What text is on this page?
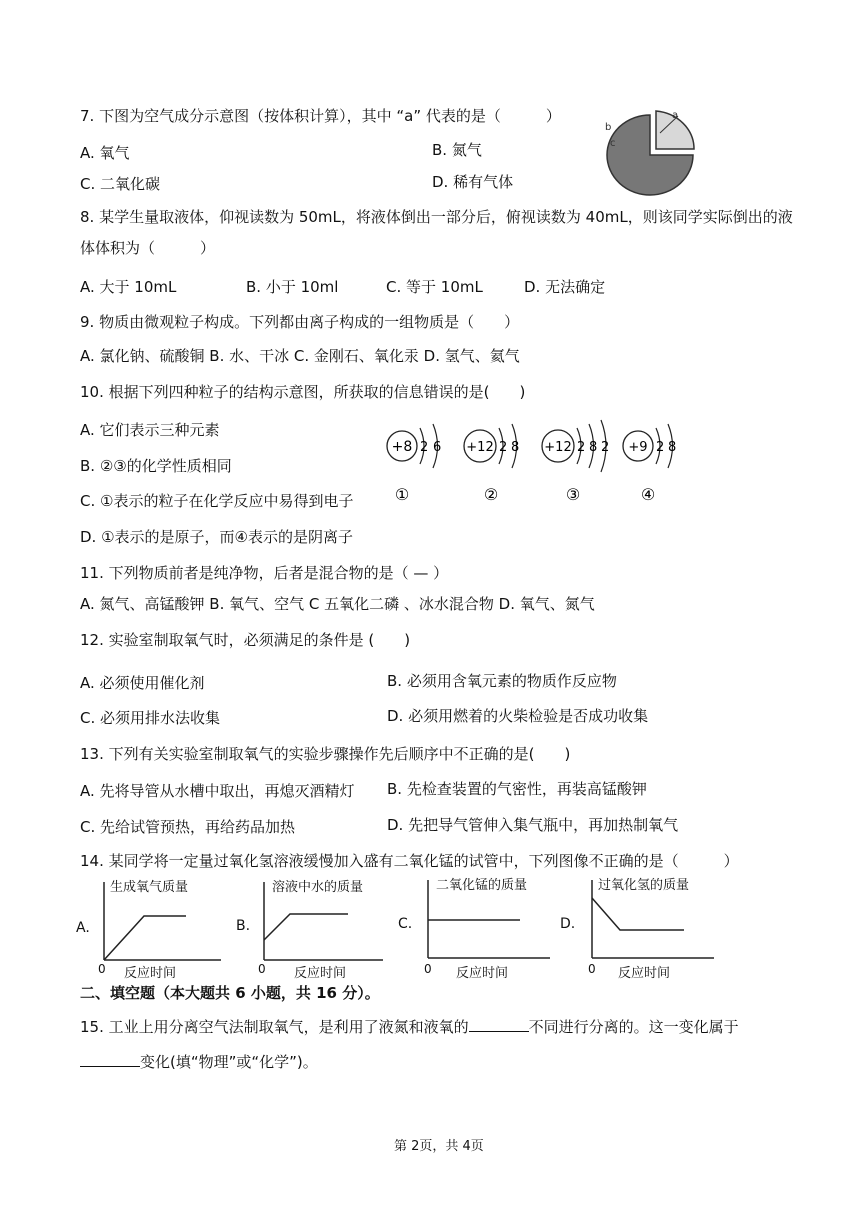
7. 下图为空气成分示意图（按体积计算），其中 “a” 代表的是（　　　）
A. 氧气	B. 氮气
C. 二氧化碳	D. 稀有气体
a
b
c
8. 某学生量取液体，仰视读数为 50mL，将液体倒出一部分后，俯视读数为 40mL，则该同学实际倒出的液
体体积为（　　　）
A. 大于 10mL	B. 小于 10ml	C. 等于 10mL	D. 无法确定
9. 物质由微观粒子构成。下列都由离子构成的一组物质是（　　）
A. 氯化钠、硫酸铜 B. 水、干冰 C. 金刚石、氧化汞 D. 氢气、氦气
10. 根据下列四种粒子的结构示意图，所获取的信息错误的是(　　)
A. 它们表示三种元素
B. ②③的化学性质相同
C. ①表示的粒子在化学反应中易得到电子
D. ①表示的是原子，而④表示的是阴离子
+8 2 6
①
+12 2 8
②
+12 2 8 2
③
+9 2 8
④
11. 下列物质前者是纯净物，后者是混合物的是（ — ）
A. 氮气、高锰酸钾 B. 氧气、空气 C 五氧化二磷 、冰水混合物 D. 氧气、氮气
12. 实验室制取氧气时，必须满足的条件是 (　　)
A. 必须使用催化剂	B. 必须用含氧元素的物质作反应物
C. 必须用排水法收集	D. 必须用燃着的火柴检验是否成功收集
13. 下列有关实验室制取氧气的实验步骤操作先后顺序中不正确的是(　　)
A. 先将导管从水槽中取出，再熄灭酒精灯 B. 先检查装置的气密性，再装高锰酸钾
C. 先给试管预热，再给药品加热	D. 先把导气管伸入集气瓶中，再加热制氧气
14. 某同学将一定量过氧化氢溶液缓慢加入盛有二氧化锰的试管中，下列图像不正确的是（　　　）
A.
生成氧气质量
0 反应时间
B.
溶液中水的质量
0 反应时间
C.
二氧化锰的质量
0 反应时间
D.
过氧化氢的质量
0 反应时间
二、填空题（本大题共 6 小题，共 16 分）。
15. 工业上用分离空气法制取氧气，是利用了液氮和液氧的	不同进行分离的。这一变化属于
变化(填“物理”或“化学”)。
第 2页，共 4页
